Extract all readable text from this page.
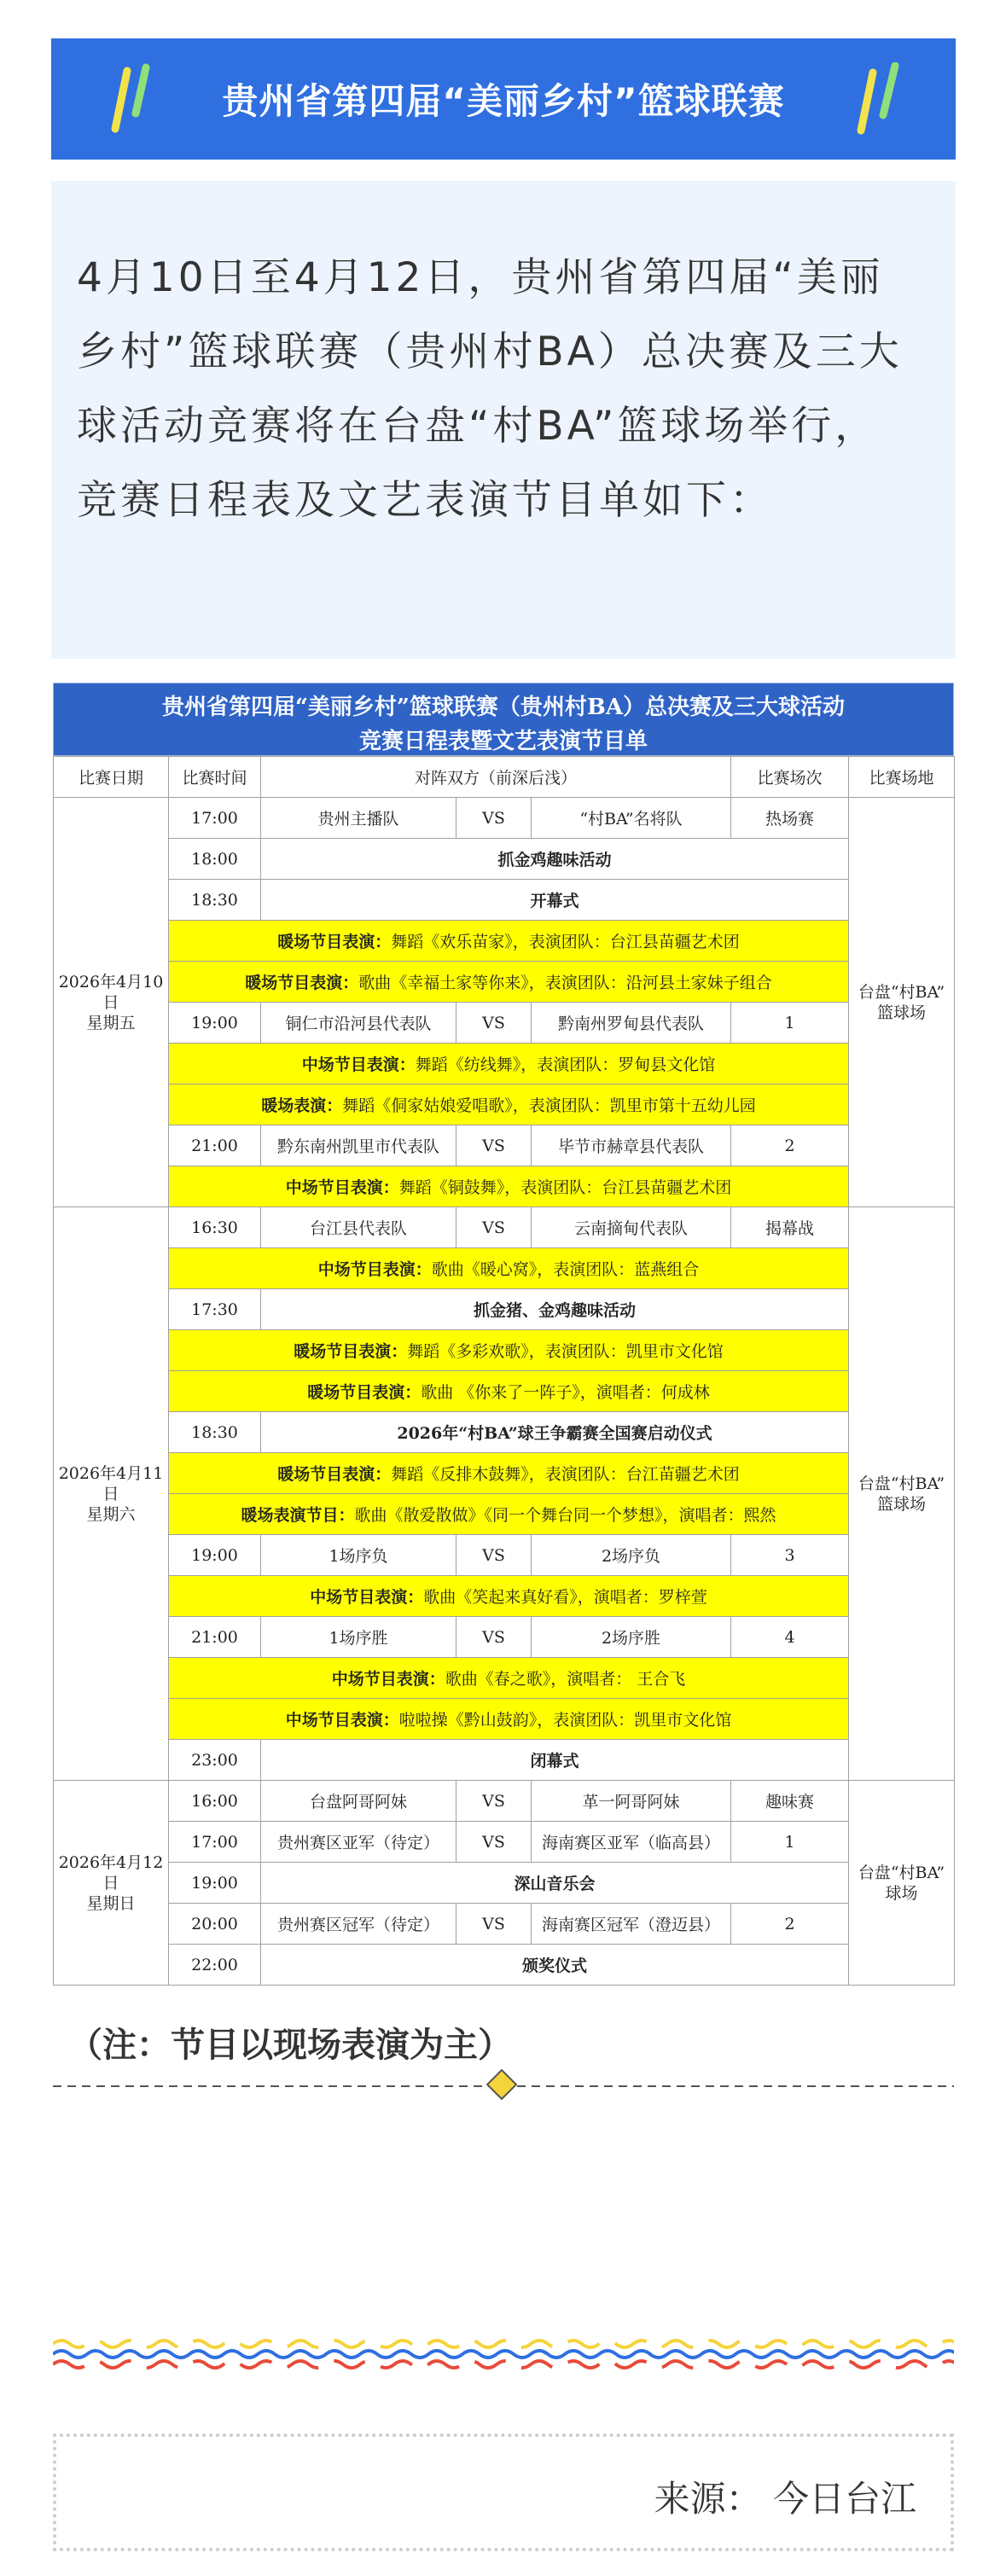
贵州省第四届“美丽乡村”篮球联赛

4月10日至4月12日，贵州省第四届“美丽乡村”篮球联赛（贵州村BA）总决赛及三大球活动竞赛将在台盘“村BA”篮球场举行，竞赛日程表及文艺表演节目单如下：

贵州省第四届“美丽乡村”篮球联赛（贵州村BA）总决赛及三大球活动
竞赛日程表暨文艺表演节目单
比赛日期	比赛时间	对阵双方（前深后浅）			比赛场次	比赛场地
2026年4月10日
星期五	17:00	贵州主播队	VS	“村BA”名将队	热场赛	台盘“村BA”
篮球场
	18:00	抓金鸡趣味活动				
	18:30	开幕式				
	暖场节目表演：舞蹈《欢乐苗家》，表演团队：台江县苗疆艺术团					
	暖场节目表演：歌曲《幸福土家等你来》，表演团队：沿河县土家妹子组合					
	19:00	铜仁市沿河县代表队	VS	黔南州罗甸县代表队	1	
	中场节目表演：舞蹈《纺线舞》，表演团队：罗甸县文化馆					
	暖场表演：舞蹈《侗家姑娘爱唱歌》，表演团队：凯里市第十五幼儿园					
	21:00	黔东南州凯里市代表队	VS	毕节市赫章县代表队	2	
	中场节目表演：舞蹈《铜鼓舞》，表演团队：台江县苗疆艺术团					
2026年4月11日
星期六	16:30	台江县代表队	VS	云南摘甸代表队	揭幕战	台盘“村BA”
篮球场
	中场节目表演：歌曲《暖心窝》，表演团队：蓝燕组合					
	17:30	抓金猪、金鸡趣味活动				
	暖场节目表演：舞蹈《多彩欢歌》，表演团队：凯里市文化馆					
	暖场节目表演：歌曲 《你来了一阵子》，演唱者：何成林					
	18:30	2026年“村BA”球王争霸赛全国赛启动仪式				
	暖场节目表演：舞蹈《反排木鼓舞》，表演团队：台江苗疆艺术团					
	暖场表演节目：歌曲《散爱散做》《同一个舞台同一个梦想》，演唱者：熙然					
	19:00	1场序负	VS	2场序负	3	
	中场节目表演：歌曲《笑起来真好看》，演唱者：罗梓萱					
	21:00	1场序胜	VS	2场序胜	4	
	中场节目表演：歌曲《春之歌》，演唱者： 王合飞					
	中场节目表演：啦啦操《黔山鼓韵》，表演团队：凯里市文化馆					
	23:00	闭幕式				
2026年4月12日
星期日	16:00	台盘阿哥阿妹	VS	革一阿哥阿妹	趣味赛	台盘“村BA”
球场
	17:00	贵州赛区亚军（待定）	VS	海南赛区亚军（临高县）	1	
	19:00	深山音乐会				
	20:00	贵州赛区冠军（待定）	VS	海南赛区冠军（澄迈县）	2	
	22:00	颁奖仪式				
（注：节目以现场表演为主）
来源： 今日台江
